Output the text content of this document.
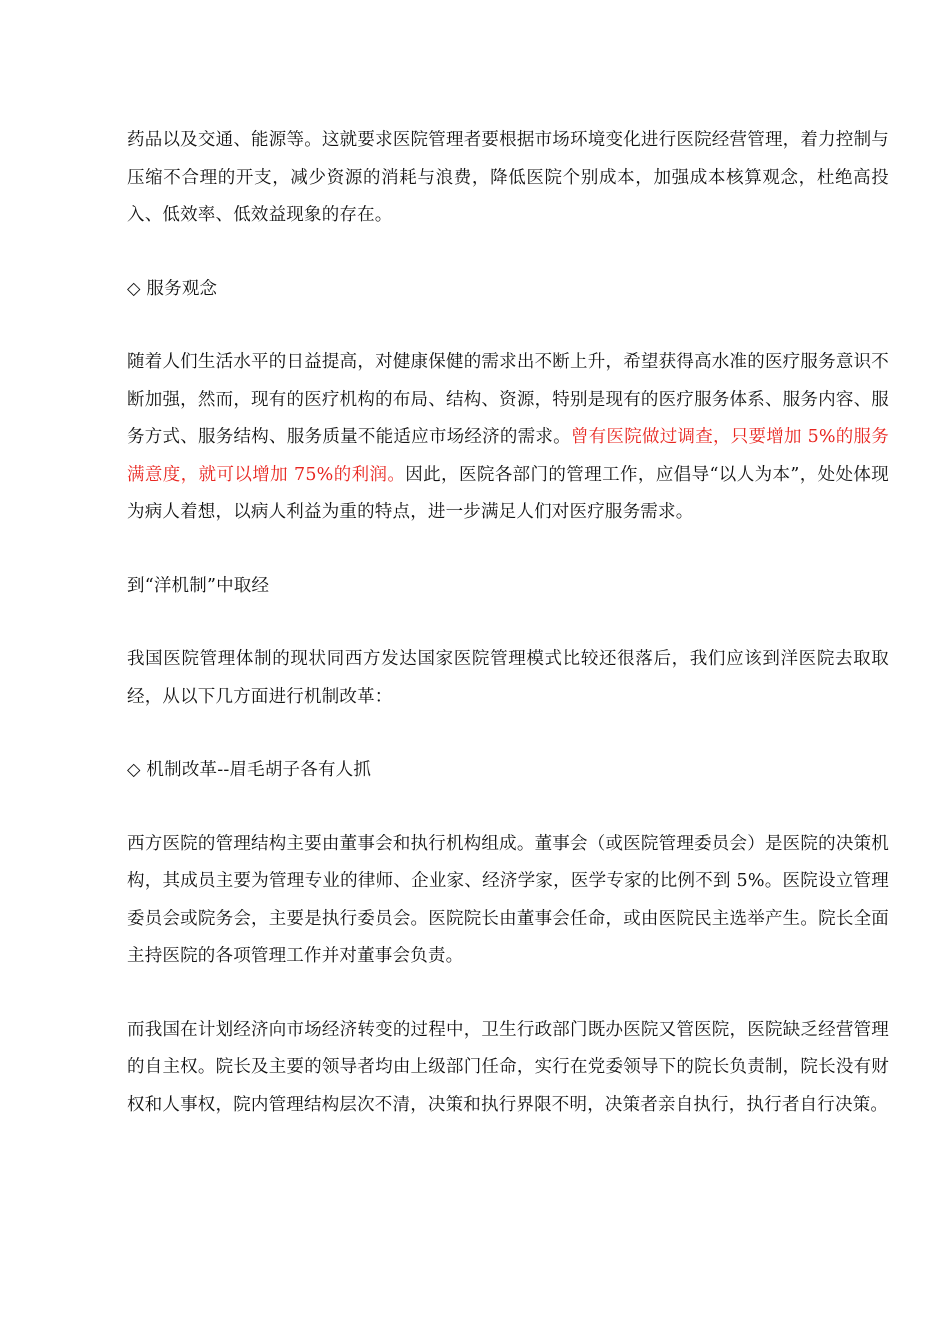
药品以及交通、能源等。这就要求医院管理者要根据市场环境变化进行医院经营管理，着力控制与压缩不合理的开支，减少资源的消耗与浪费，降低医院个别成本，加强成本核算观念，杜绝高投入、低效率、低效益现象的存在。

◇ 服务观念

随着人们生活水平的日益提高，对健康保健的需求出不断上升，希望获得高水准的医疗服务意识不断加强，然而，现有的医疗机构的布局、结构、资源，特别是现有的医疗服务体系、服务内容、服务方式、服务结构、服务质量不能适应市场经济的需求。曾有医院做过调查，只要增加 5%的服务满意度，就可以增加 75%的利润。因此，医院各部门的管理工作，应倡导“以人为本”，处处体现为病人着想，以病人利益为重的特点，进一步满足人们对医疗服务需求。

到“洋机制”中取经

我国医院管理体制的现状同西方发达国家医院管理模式比较还很落后，我们应该到洋医院去取取经，从以下几方面进行机制改革：

◇ 机制改革--眉毛胡子各有人抓

西方医院的管理结构主要由董事会和执行机构组成。董事会（或医院管理委员会）是医院的决策机构，其成员主要为管理专业的律师、企业家、经济学家，医学专家的比例不到 5%。医院设立管理委员会或院务会，主要是执行委员会。医院院长由董事会任命，或由医院民主选举产生。院长全面主持医院的各项管理工作并对董事会负责。

而我国在计划经济向市场经济转变的过程中，卫生行政部门既办医院又管医院，医院缺乏经营管理的自主权。院长及主要的领导者均由上级部门任命，实行在党委领导下的院长负责制，院长没有财权和人事权，院内管理结构层次不清，决策和执行界限不明，决策者亲自执行，执行者自行决策。
